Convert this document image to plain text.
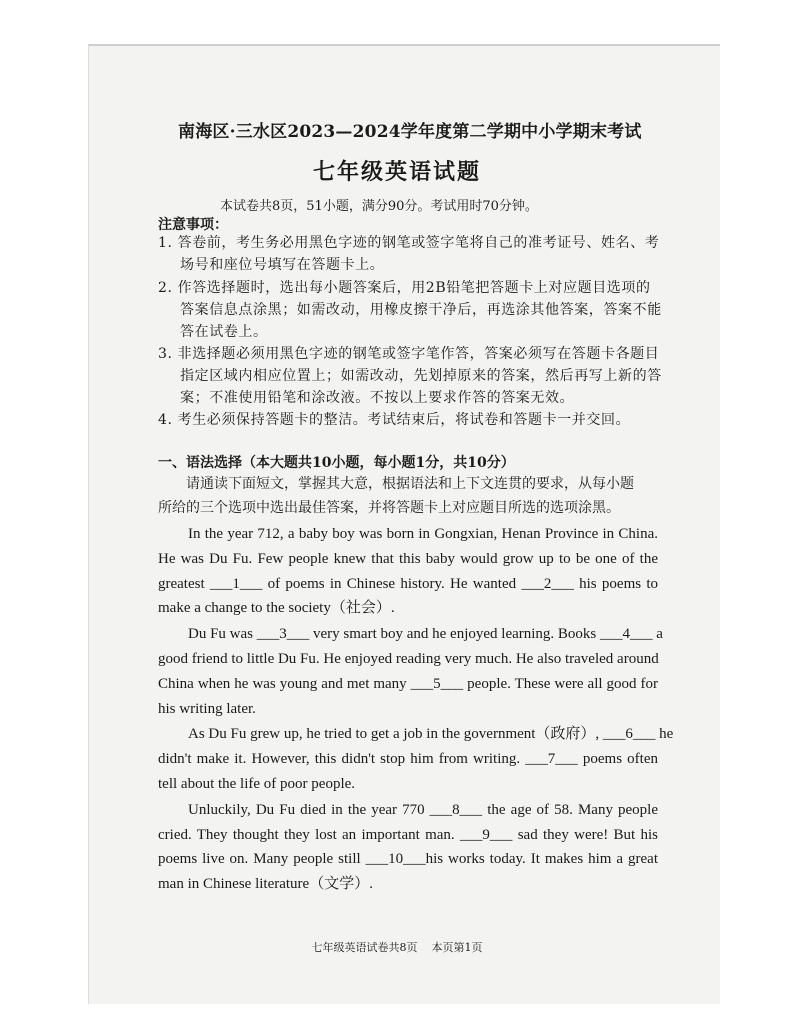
南海区·三水区2023—2024学年度第二学期中小学期末考试
七年级英语试题
本试卷共8页，51小题，满分90分。考试用时70分钟。
注意事项：
1. 答卷前，考生务必用黑色字迹的钢笔或签字笔将自己的准考证号、姓名、考
场号和座位号填写在答题卡上。
2. 作答选择题时，选出每小题答案后，用2B铅笔把答题卡上对应题目选项的
答案信息点涂黑；如需改动，用橡皮擦干净后，再选涂其他答案，答案不能
答在试卷上。
3. 非选择题必须用黑色字迹的钢笔或签字笔作答，答案必须写在答题卡各题目
指定区域内相应位置上；如需改动，先划掉原来的答案，然后再写上新的答
案；不准使用铅笔和涂改液。不按以上要求作答的答案无效。
4. 考生必须保持答题卡的整洁。考试结束后，将试卷和答题卡一并交回。
一、语法选择（本大题共10小题，每小题1分，共10分）
请通读下面短文，掌握其大意，根据语法和上下文连贯的要求，从每小题
所给的三个选项中选出最佳答案，并将答题卡上对应题目所选的选项涂黑。

In the year 712, a baby boy was born in Gongxian, Henan Province in China.
He was Du Fu. Few people knew that this baby would grow up to be one of the
greatest ___1___ of poems in Chinese history. He wanted ___2___ his poems to
make a change to the society（社会）.

Du Fu was ___3___ very smart boy and he enjoyed learning. Books ___4___ a
good friend to little Du Fu. He enjoyed reading very much. He also traveled around
China when he was young and met many ___5___ people. These were all good for
his writing later.

As Du Fu grew up, he tried to get a job in the government（政府）, ___6___ he
didn't make it. However, this didn't stop him from writing. ___7___ poems often
tell about the life of poor people.

Unluckily, Du Fu died in the year 770 ___8___ the age of 58. Many people
cried. They thought they lost an important man. ___9___ sad they were! But his
poems live on. Many people still ___10___his works today. It makes him a great
man in Chinese literature（文学）.

七年级英语试卷共8页 本页第1页
